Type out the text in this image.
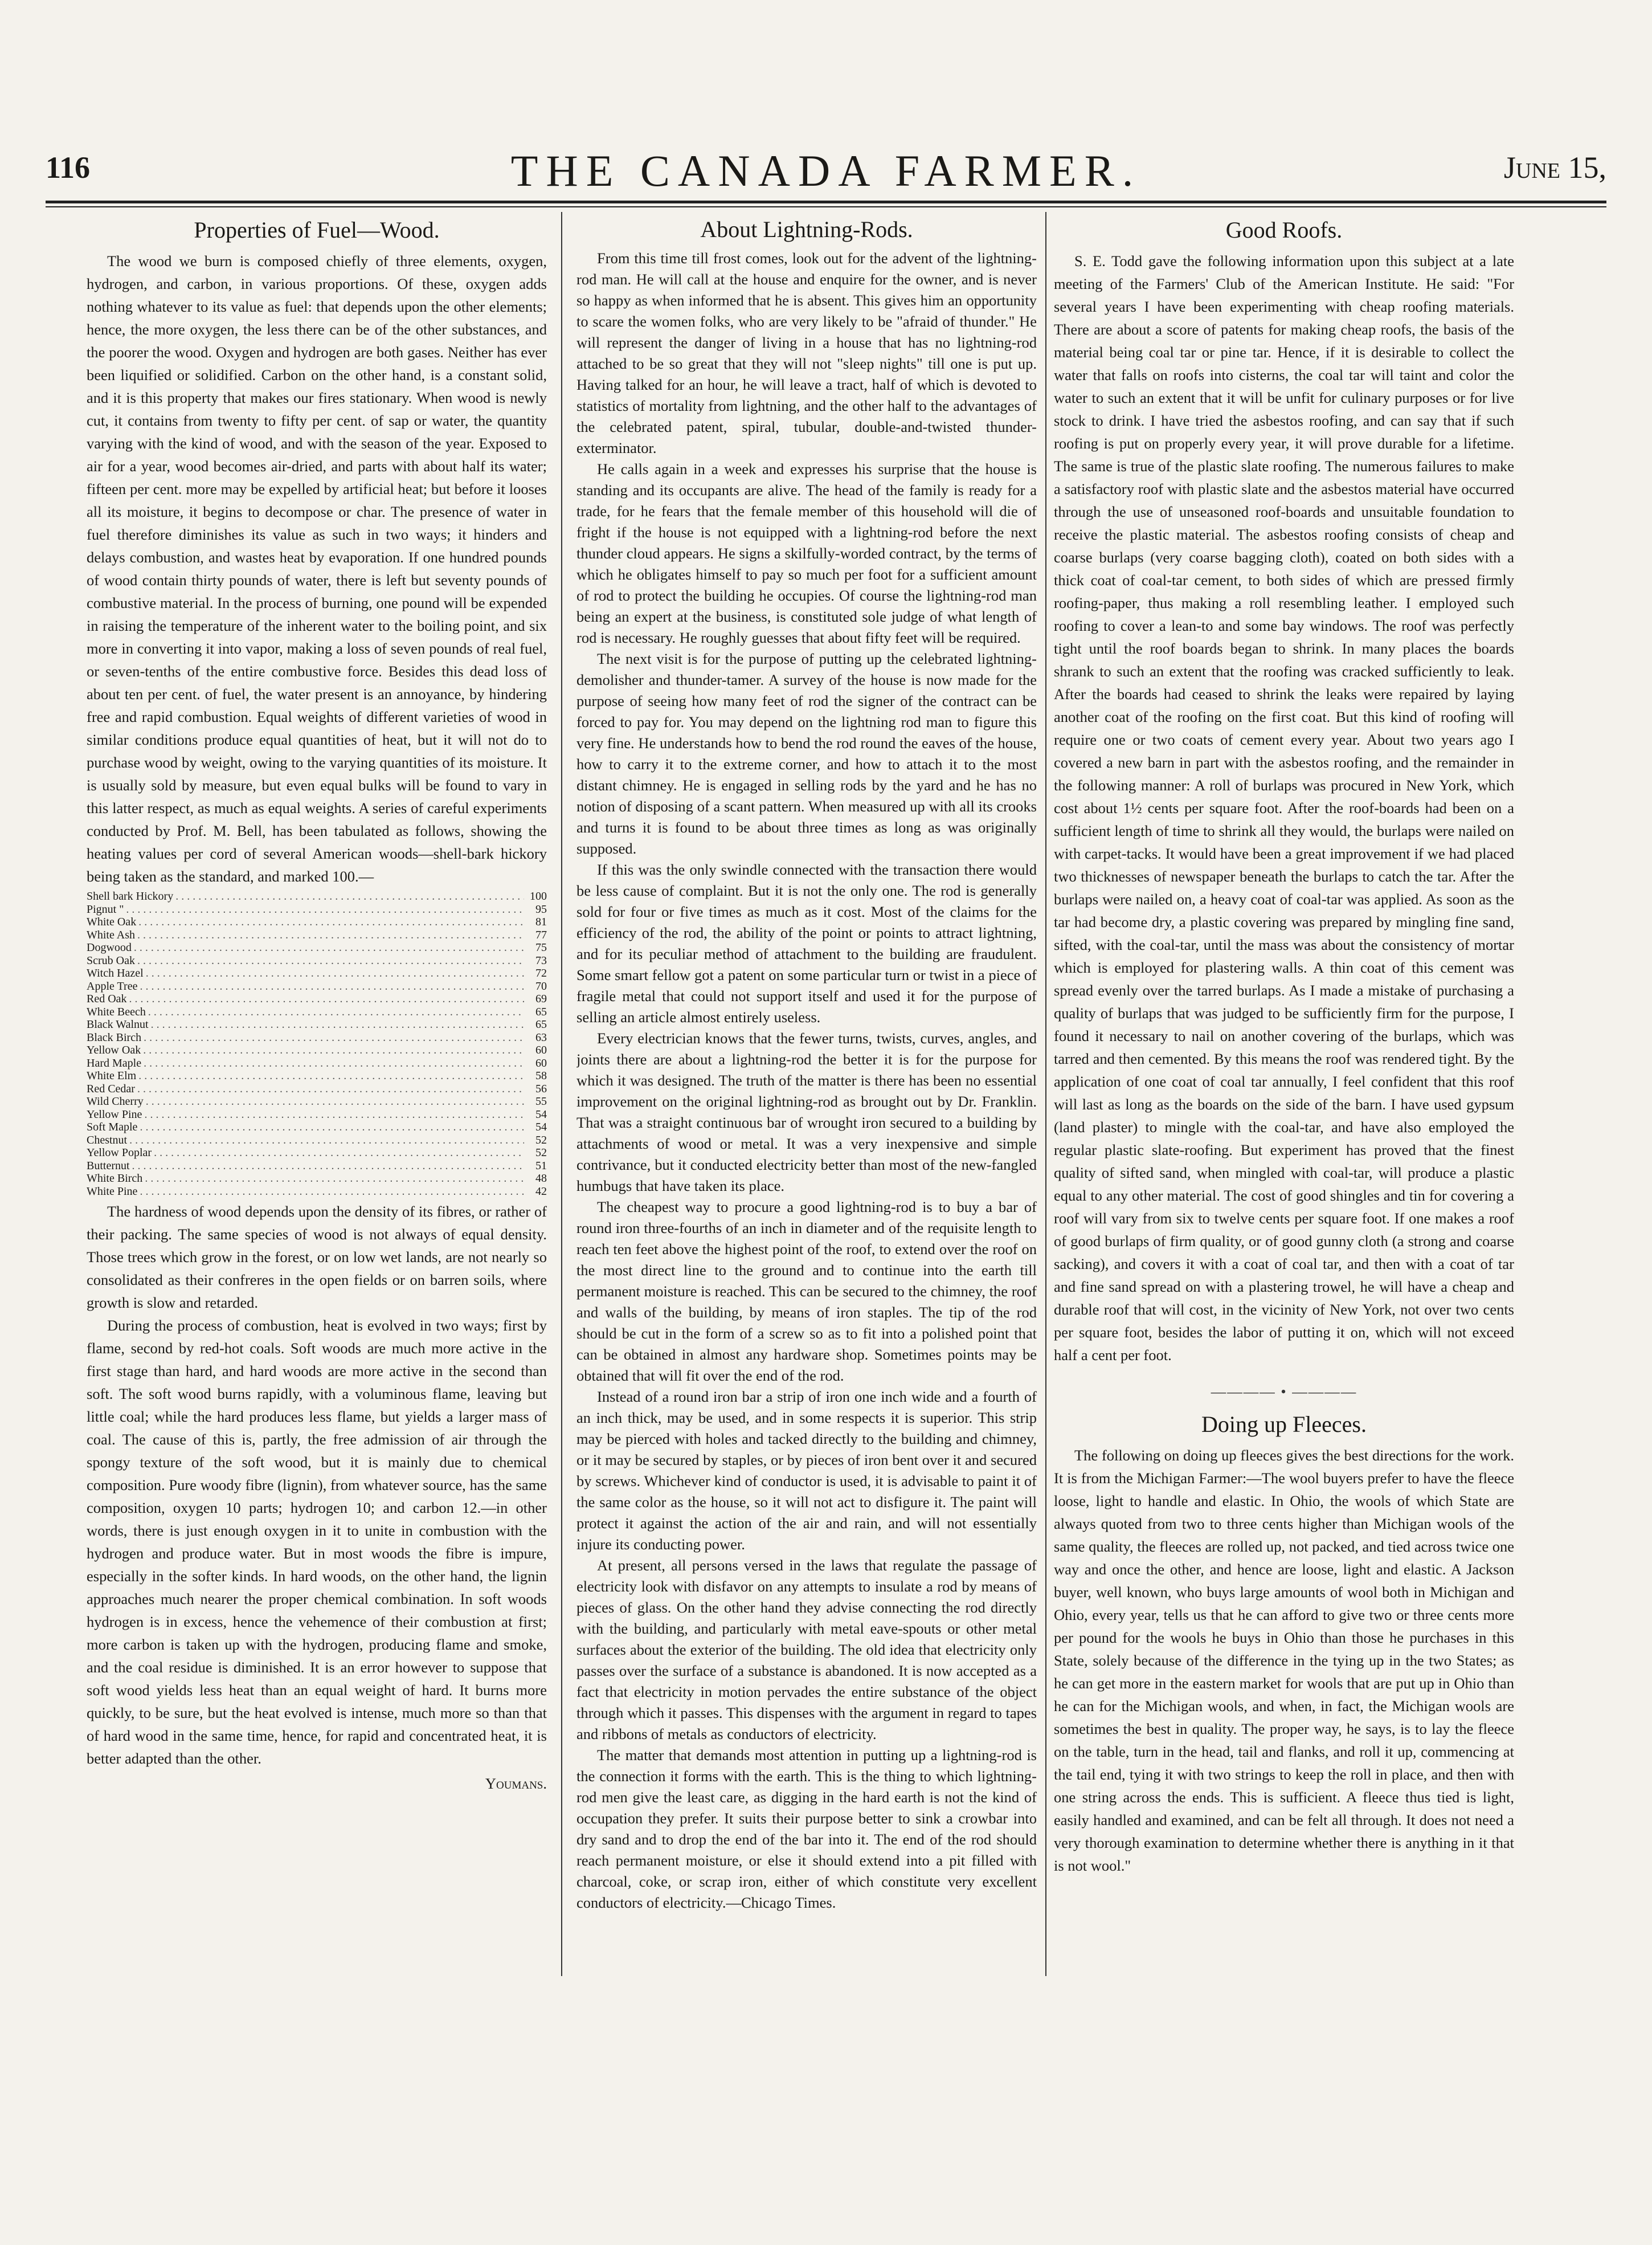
116	THE CANADA FARMER.	June 15,
Properties of Fuel—Wood.

The wood we burn is composed chiefly of three elements, oxygen, hydrogen, and carbon, in various proportions. Of these, oxygen adds nothing whatever to its value as fuel: that depends upon the other elements; hence, the more oxygen, the less there can be of the other substances, and the poorer the wood. Oxygen and hydrogen are both gases. Neither has ever been liquified or solidified. Carbon on the other hand, is a constant solid, and it is this property that makes our fires stationary. When wood is newly cut, it contains from twenty to fifty per cent. of sap or water, the quantity varying with the kind of wood, and with the season of the year. Exposed to air for a year, wood becomes air-dried, and parts with about half its water; fifteen per cent. more may be expelled by artificial heat; but before it looses all its moisture, it begins to decompose or char. The presence of water in fuel therefore diminishes its value as such in two ways; it hinders and delays combustion, and wastes heat by evaporation. If one hundred pounds of wood contain thirty pounds of water, there is left but seventy pounds of combustive material. In the process of burning, one pound will be expended in raising the temperature of the inherent water to the boiling point, and six more in converting it into vapor, making a loss of seven pounds of real fuel, or seven-tenths of the entire combustive force. Besides this dead loss of about ten per cent. of fuel, the water present is an annoyance, by hindering free and rapid combustion. Equal weights of different varieties of wood in similar conditions produce equal quantities of heat, but it will not do to purchase wood by weight, owing to the varying quantities of its moisture. It is usually sold by measure, but even equal bulks will be found to vary in this latter respect, as much as equal weights. A series of careful experiments conducted by Prof. M. Bell, has been tabulated as follows, showing the heating values per cord of several American woods—shell-bark hickory being taken as the standard, and marked 100.—

Shell bark Hickory . . .	100
Pignut " . . .	95
White Oak . . .	81
White Ash . . .	77
Dogwood . . .	75
Scrub Oak . . .	73
Witch Hazel . . .	72
Apple Tree . . .	70
Red Oak . . .	69
White Beech . . .	65
Black Walnut . . .	65
Black Birch . . .	63
Yellow Oak . . .	60
Hard Maple . . .	60
White Elm . . .	58
Red Cedar . . .	56
Wild Cherry . . .	55
Yellow Pine . . .	54
Soft Maple . . .	54
Chestnut . . .	52
Yellow Poplar . . .	52
Butternut . . .	51
White Birch . . .	48
White Pine . . .	42

The hardness of wood depends upon the density of its fibres, or rather of their packing. The same species of wood is not always of equal density. Those trees which grow in the forest, or on low wet lands, are not nearly so consolidated as their confreres in the open fields or on barren soils, where growth is slow and retarded.

During the process of combustion, heat is evolved in two ways; first by flame, second by red-hot coals. Soft woods are much more active in the first stage than hard, and hard woods are more active in the second than soft. The soft wood burns rapidly, with a voluminous flame, leaving but little coal; while the hard produces less flame, but yields a larger mass of coal. The cause of this is, partly, the free admission of air through the spongy texture of the soft wood, but it is mainly due to chemical composition. Pure woody fibre (lignin), from whatever source, has the same composition, oxygen 10 parts; hydrogen 10; and carbon 12.—in other words, there is just enough oxygen in it to unite in combustion with the hydrogen and produce water. But in most woods the fibre is impure, especially in the softer kinds. In hard woods, on the other hand, the lignin approaches much nearer the proper chemical combination. In soft woods hydrogen is in excess, hence the vehemence of their combustion at first; more carbon is taken up with the hydrogen, producing flame and smoke, and the coal residue is diminished. It is an error however to suppose that soft wood yields less heat than an equal weight of hard. It burns more quickly, to be sure, but the heat evolved is intense, much more so than that of hard wood in the same time, hence, for rapid and concentrated heat, it is better adapted than the other.

Youmans.
About Lightning-Rods.

From this time till frost comes, look out for the advent of the lightning-rod man. He will call at the house and enquire for the owner, and is never so happy as when informed that he is absent. This gives him an opportunity to scare the women folks, who are very likely to be "afraid of thunder." He will represent the danger of living in a house that has no lightning-rod attached to be so great that they will not "sleep nights" till one is put up. Having talked for an hour, he will leave a tract, half of which is devoted to statistics of mortality from lightning, and the other half to the advantages of the celebrated patent, spiral, tubular, double-and-twisted thunder-exterminator.

He calls again in a week and expresses his surprise that the house is standing and its occupants are alive. The head of the family is ready for a trade, for he fears that the female member of this household will die of fright if the house is not equipped with a lightning-rod before the next thunder cloud appears. He signs a skilfully-worded contract, by the terms of which he obligates himself to pay so much per foot for a sufficient amount of rod to protect the building he occupies. Of course the lightning-rod man being an expert at the business, is constituted sole judge of what length of rod is necessary. He roughly guesses that about fifty feet will be required.

The next visit is for the purpose of putting up the celebrated lightning-demolisher and thunder-tamer. A survey of the house is now made for the purpose of seeing how many feet of rod the signer of the contract can be forced to pay for. You may depend on the lightning rod man to figure this very fine. He understands how to bend the rod round the eaves of the house, how to carry it to the extreme corner, and how to attach it to the most distant chimney. He is engaged in selling rods by the yard and he has no notion of disposing of a scant pattern. When measured up with all its crooks and turns it is found to be about three times as long as was originally supposed.

If this was the only swindle connected with the transaction there would be less cause of complaint. But it is not the only one. The rod is generally sold for four or five times as much as it cost. Most of the claims for the efficiency of the rod, the ability of the point or points to attract lightning, and for its peculiar method of attachment to the building are fraudulent. Some smart fellow got a patent on some particular turn or twist in a piece of fragile metal that could not support itself and used it for the purpose of selling an article almost entirely useless.

Every electrician knows that the fewer turns, twists, curves, angles, and joints there are about a lightning-rod the better it is for the purpose for which it was designed. The truth of the matter is there has been no essential improvement on the original lightning-rod as brought out by Dr. Franklin. That was a straight continuous bar of wrought iron secured to a building by attachments of wood or metal. It was a very inexpensive and simple contrivance, but it conducted electricity better than most of the new-fangled humbugs that have taken its place.

The cheapest way to procure a good lightning-rod is to buy a bar of round iron three-fourths of an inch in diameter and of the requisite length to reach ten feet above the highest point of the roof, to extend over the roof on the most direct line to the ground and to continue into the earth till permanent moisture is reached. This can be secured to the chimney, the roof and walls of the building, by means of iron staples. The tip of the rod should be cut in the form of a screw so as to fit into a polished point that can be obtained in almost any hardware shop. Sometimes points may be obtained that will fit over the end of the rod.

Instead of a round iron bar a strip of iron one inch wide and a fourth of an inch thick, may be used, and in some respects it is superior. This strip may be pierced with holes and tacked directly to the building and chimney, or it may be secured by staples, or by pieces of iron bent over it and secured by screws. Whichever kind of conductor is used, it is advisable to paint it of the same color as the house, so it will not act to disfigure it. The paint will protect it against the action of the air and rain, and will not essentially injure its conducting power.

At present, all persons versed in the laws that regulate the passage of electricity look with disfavor on any attempts to insulate a rod by means of pieces of glass. On the other hand they advise connecting the rod directly with the building, and particularly with metal eave-spouts or other metal surfaces about the exterior of the building. The old idea that electricity only passes over the surface of a substance is abandoned. It is now accepted as a fact that electricity in motion pervades the entire substance of the object through which it passes. This dispenses with the argument in regard to tapes and ribbons of metals as conductors of electricity.

The matter that demands most attention in putting up a lightning-rod is the connection it forms with the earth. This is the thing to which lightning-rod men give the least care, as digging in the hard earth is not the kind of occupation they prefer. It suits their purpose better to sink a crowbar into dry sand and to drop the end of the bar into it. The end of the rod should reach permanent moisture, or else it should extend into a pit filled with charcoal, coke, or scrap iron, either of which constitute very excellent conductors of electricity.—Chicago Times.

Good Roofs.

S. E. Todd gave the following information upon this subject at a late meeting of the Farmers' Club of the American Institute. He said: "For several years I have been experimenting with cheap roofing materials. There are about a score of patents for making cheap roofs, the basis of the material being coal tar or pine tar. Hence, if it is desirable to collect the water that falls on roofs into cisterns, the coal tar will taint and color the water to such an extent that it will be unfit for culinary purposes or for live stock to drink. I have tried the asbestos roofing, and can say that if such roofing is put on properly every year, it will prove durable for a lifetime. The same is true of the plastic slate roofing. The numerous failures to make a satisfactory roof with plastic slate and the asbestos material have occurred through the use of unseasoned roof-boards and unsuitable foundation to receive the plastic material. The asbestos roofing consists of cheap and coarse burlaps (very coarse bagging cloth), coated on both sides with a thick coat of coal-tar cement, to both sides of which are pressed firmly roofing-paper, thus making a roll resembling leather. I employed such roofing to cover a lean-to and some bay windows. The roof was perfectly tight until the roof boards began to shrink. In many places the boards shrank to such an extent that the roofing was cracked sufficiently to leak. After the boards had ceased to shrink the leaks were repaired by laying another coat of the roofing on the first coat. But this kind of roofing will require one or two coats of cement every year. About two years ago I covered a new barn in part with the asbestos roofing, and the remainder in the following manner: A roll of burlaps was procured in New York, which cost about 1½ cents per square foot. After the roof-boards had been on a sufficient length of time to shrink all they would, the burlaps were nailed on with carpet-tacks. It would have been a great improvement if we had placed two thicknesses of newspaper beneath the burlaps to catch the tar. After the burlaps were nailed on, a heavy coat of coal-tar was applied. As soon as the tar had become dry, a plastic covering was prepared by mingling fine sand, sifted, with the coal-tar, until the mass was about the consistency of mortar which is employed for plastering walls. A thin coat of this cement was spread evenly over the tarred burlaps. As I made a mistake of purchasing a quality of burlaps that was judged to be sufficiently firm for the purpose, I found it necessary to nail on another covering of the burlaps, which was tarred and then cemented. By this means the roof was rendered tight. By the application of one coat of coal tar annually, I feel confident that this roof will last as long as the boards on the side of the barn. I have used gypsum (land plaster) to mingle with the coal-tar, and have also employed the regular plastic slate-roofing. But experiment has proved that the finest quality of sifted sand, when mingled with coal-tar, will produce a plastic equal to any other material. The cost of good shingles and tin for covering a roof will vary from six to twelve cents per square foot. If one makes a roof of good burlaps of firm quality, or of good gunny cloth (a strong and coarse sacking), and covers it with a coat of coal tar, and then with a coat of tar and fine sand spread on with a plastering trowel, he will have a cheap and durable roof that will cost, in the vicinity of New York, not over two cents per square foot, besides the labor of putting it on, which will not exceed half a cent per foot.

———— • ————
Doing up Fleeces.

The following on doing up fleeces gives the best directions for the work. It is from the Michigan Farmer:—The wool buyers prefer to have the fleece loose, light to handle and elastic. In Ohio, the wools of which State are always quoted from two to three cents higher than Michigan wools of the same quality, the fleeces are rolled up, not packed, and tied across twice one way and once the other, and hence are loose, light and elastic. A Jackson buyer, well known, who buys large amounts of wool both in Michigan and Ohio, every year, tells us that he can afford to give two or three cents more per pound for the wools he buys in Ohio than those he purchases in this State, solely because of the difference in the tying up in the two States; as he can get more in the eastern market for wools that are put up in Ohio than he can for the Michigan wools, and when, in fact, the Michigan wools are sometimes the best in quality. The proper way, he says, is to lay the fleece on the table, turn in the head, tail and flanks, and roll it up, commencing at the tail end, tying it with two strings to keep the roll in place, and then with one string across the ends. This is sufficient. A fleece thus tied is light, easily handled and examined, and can be felt all through. It does not need a very thorough examination to determine whether there is anything in it that is not wool."
